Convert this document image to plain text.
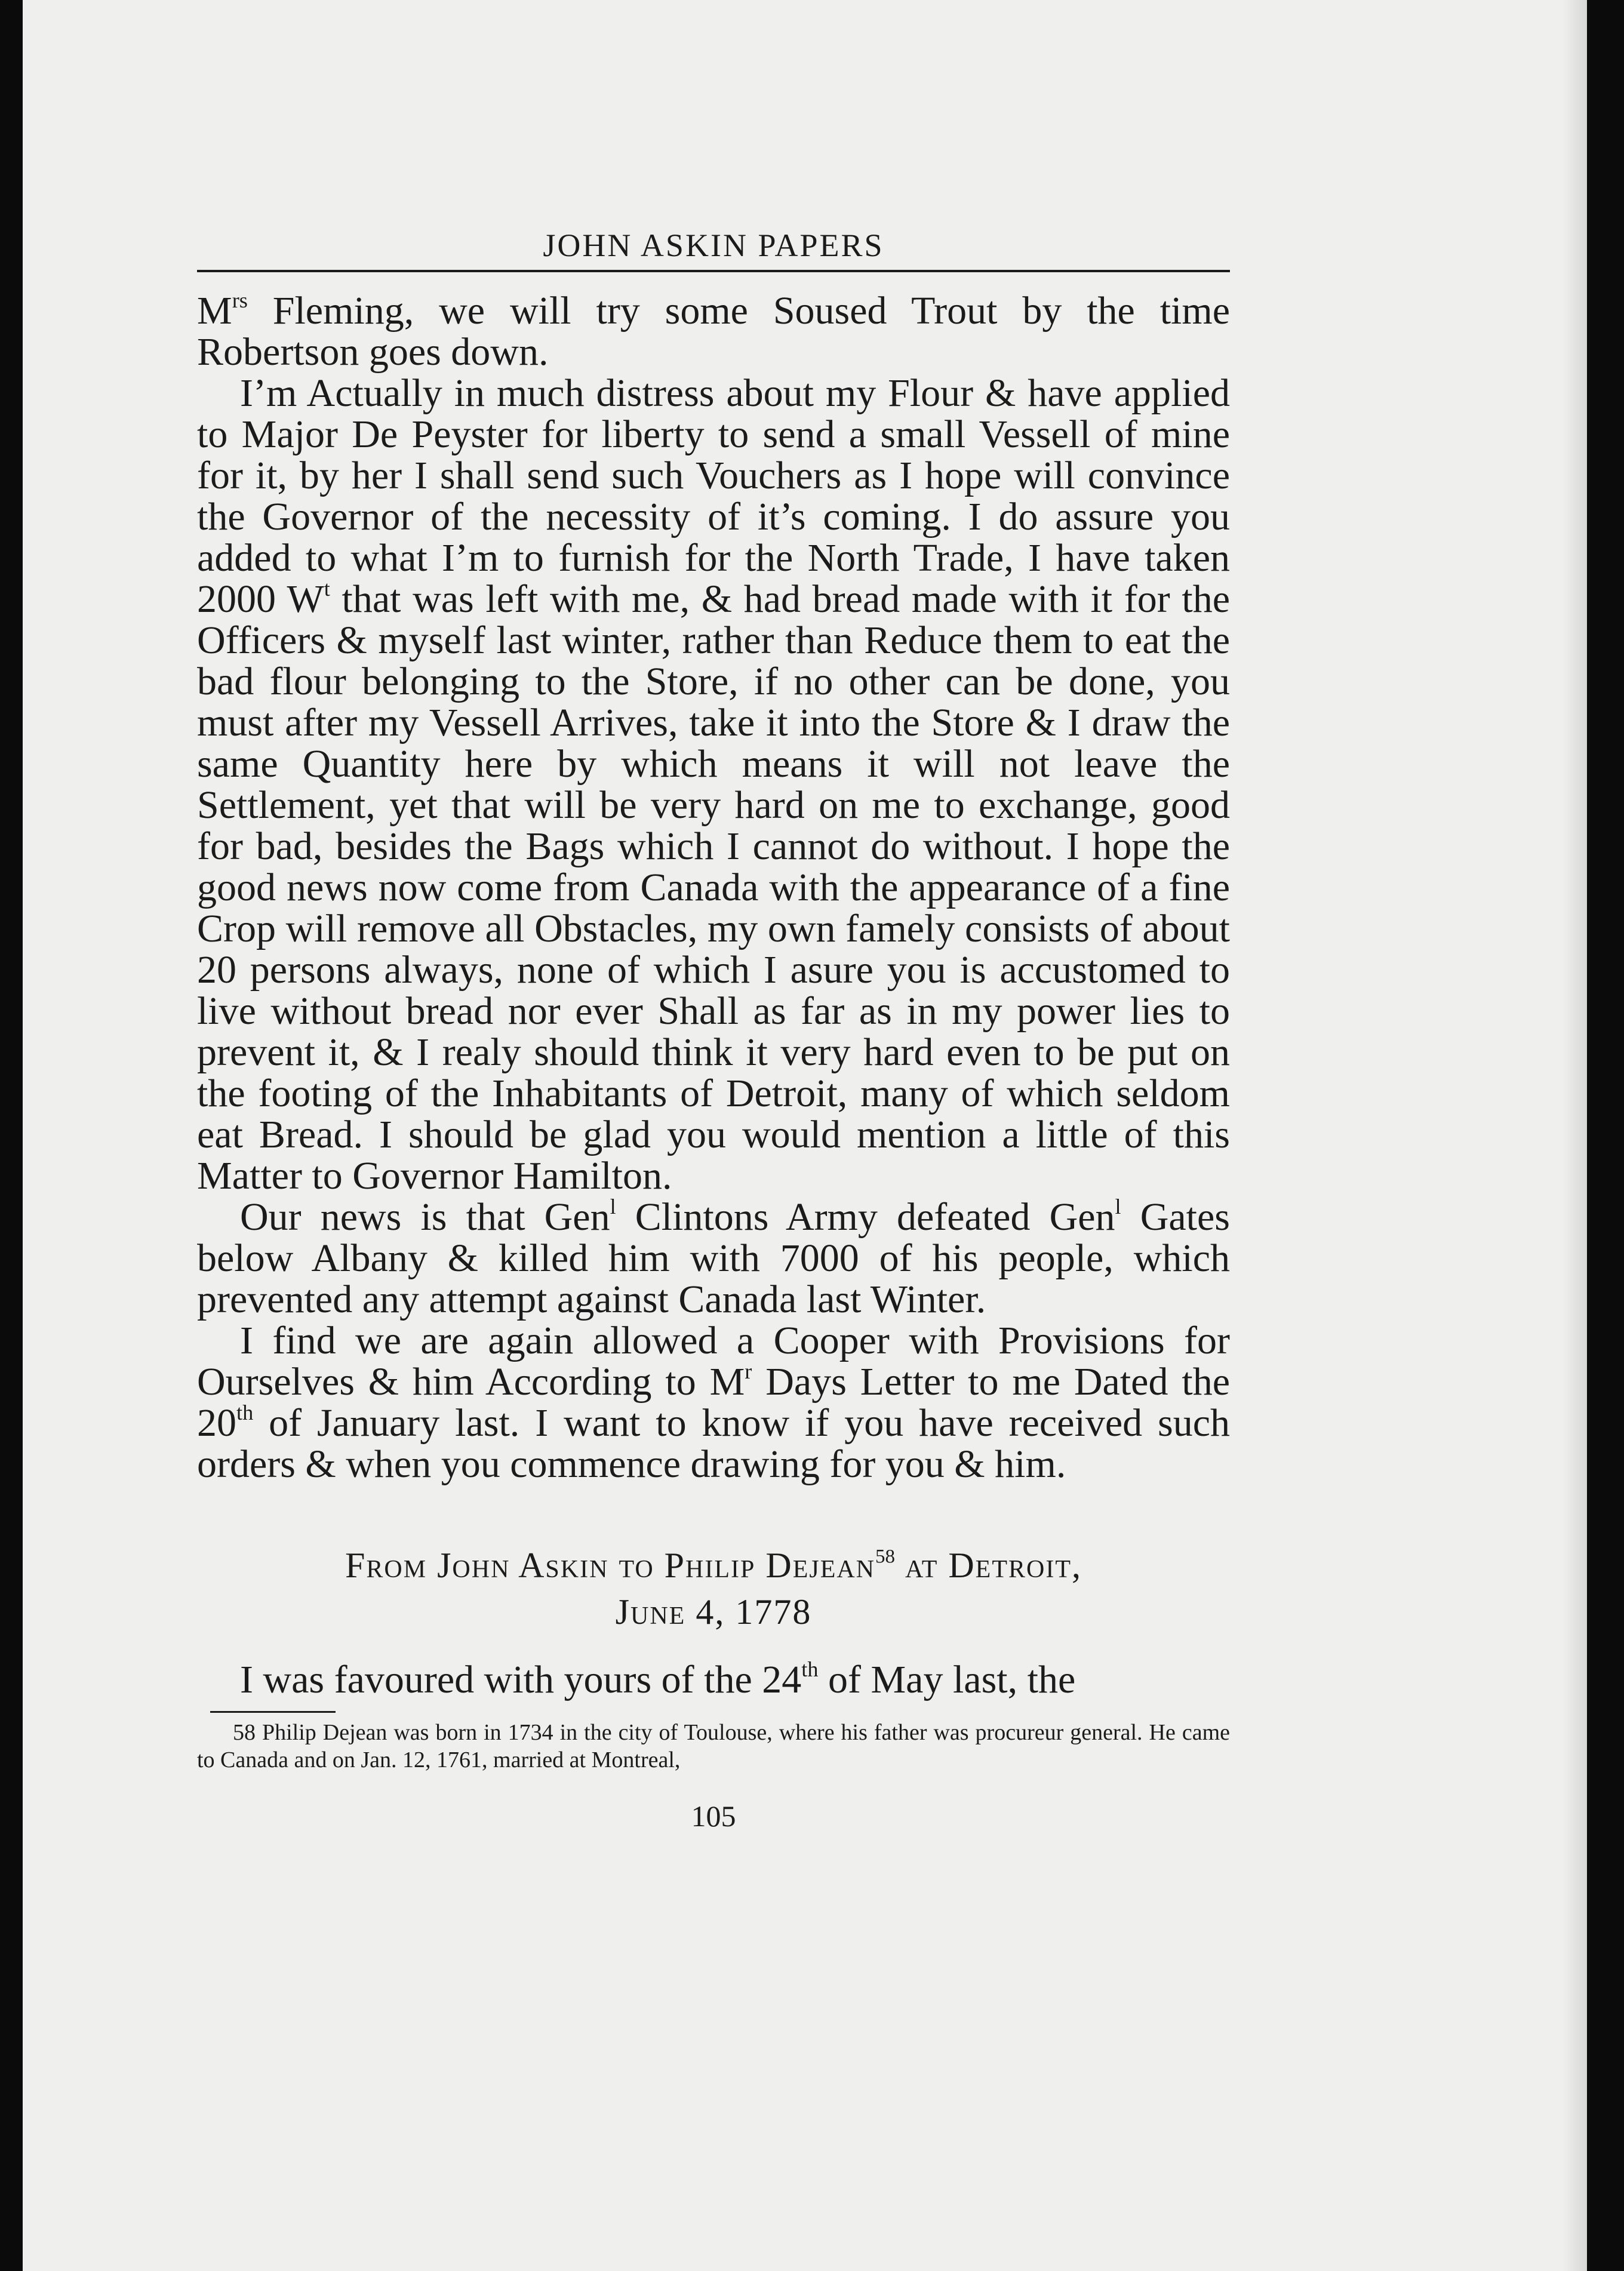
JOHN ASKIN PAPERS

$M^{rs}$ Fleming, we will try some Soused Trout by the time Robertson goes down.

I’m Actually in much distress about my Flour & have applied to Major De Peyster for liberty to send a small Vessell of mine for it, by her I shall send such Vouchers as I hope will convince the Governor of the necessity of it’s coming. I do assure you added to what I’m to furnish for the North Trade, I have taken 2000 $W^t$ that was left with me, & had bread made with it for the Officers & myself last winter, rather than Reduce them to eat the bad flour belonging to the Store, if no other can be done, you must after my Vessell Arrives, take it into the Store & I draw the same Quantity here by which means it will not leave the Settlement, yet that will be very hard on me to exchange, good for bad, besides the Bags which I cannot do without. I hope the good news now come from Canada with the appearance of a fine Crop will remove all Obstacles, my own famely consists of about 20 persons always, none of which I asure you is accustomed to live without bread nor ever Shall as far as in my power lies to prevent it, & I realy should think it very hard even to be put on the footing of the Inhabitants of Detroit, many of which seldom eat Bread. I should be glad you would mention a little of this Matter to Governor Hamilton.

Our news is that Gen$^l$ Clintons Army defeated Gen$^l$ Gates below Albany & killed him with 7000 of his people, which prevented any attempt against Canada last Winter.

I find we are again allowed a Cooper with Provisions for Ourselves & him According to $M^r$ Days Letter to me Dated the 20th of January last. I want to know if you have received such orders & when you commence drawing for you & him.

From John Askin to Philip Dejean$^{58}$ at Detroit,
June 4, 1778

I was favoured with yours of the 24th of May last, the

58 Philip Dejean was born in 1734 in the city of Toulouse, where his father was procureur general. He came to Canada and on Jan. 12, 1761, married at Montreal,

105
